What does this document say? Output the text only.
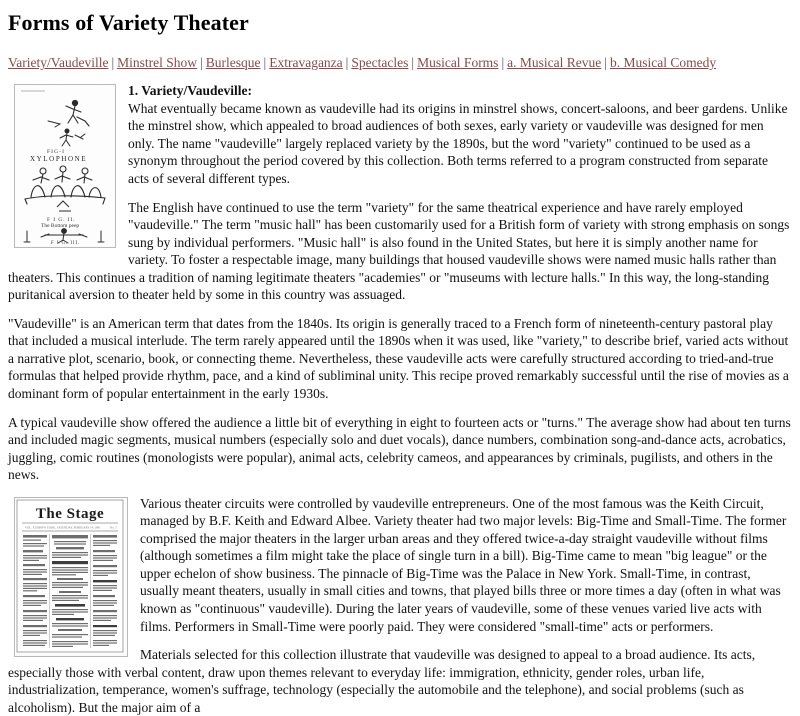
Forms of Variety Theater
Variety/Vaudeville | Minstrel Show | Burlesque | Extravaganza | Spectacles | Musical Forms | a. Musical Revue | b. Musical Comedy
FIG-I
XYLOPHONE
F I G. II.
The Bottom peep
F I G. III.

1. Variety/Vaudeville:
What eventually became known as vaudeville had its origins in minstrel shows, concert-saloons, and beer gardens. Unlike the minstrel show, which appealed to broad audiences of both sexes, early variety or vaudeville was designed for men only. The name "vaudeville" largely replaced variety by the 1890s, but the word "variety" continued to be used as a synonym throughout the period covered by this collection. Both terms referred to a program constructed from separate acts of several different types.

The English have continued to use the term "variety" for the same theatrical experience and have rarely employed "vaudeville." The term "music hall" has been customarily used for a British form of variety with strong emphasis on songs sung by individual performers. "Music hall" is also found in the United States, but here it is simply another name for variety. To foster a respectable image, many buildings that housed vaudeville shows were named music halls rather than theaters. This continues a tradition of naming legitimate theaters "academies" or "museums with lecture halls." In this way, the long-standing puritanical aversion to theater held by some in this country was assuaged.

"Vaudeville" is an American term that dates from the 1840s. Its origin is generally traced to a French form of nineteenth-century pastoral play that included a musical interlude. The term rarely appeared until the 1890s when it was used, like "variety," to describe brief, varied acts without a narrative plot, scenario, book, or connecting theme. Nevertheless, these vaudeville acts were carefully structured according to tried-and-true formulas that helped provide rhythm, pace, and a kind of subliminal unity. This recipe proved remarkably successful until the rise of movies as a dominant form of popular entertainment in the early 1930s.

A typical vaudeville show offered the audience a little bit of everything in eight to fourteen acts or "turns." The average show had about ten turns and included magic segments, musical numbers (especially solo and duet vocals), dance numbers, combination song-and-dance acts, acrobatics, juggling, comic routines (monologists were popular), animal acts, celebrity cameos, and appearances by criminals, pugilists, and others in the news.

The Stage
VOL. XXIII NEW YORK, SATURDAY, FEBRUARY 14, 1891	No. 7

Various theater circuits were controlled by vaudeville entrepreneurs. One of the most famous was the Keith Circuit, managed by B.F. Keith and Edward Albee. Variety theater had two major levels: Big-Time and Small-Time. The former comprised the major theaters in the larger urban areas and they offered twice-a-day straight vaudeville without films (although sometimes a film might take the place of single turn in a bill). Big-Time came to mean "big league" or the upper echelon of show business. The pinnacle of Big-Time was the Palace in New York. Small-Time, in contrast, usually meant theaters, usually in small cities and towns, that played bills three or more times a day (often in what was known as "continuous" vaudeville). During the later years of vaudeville, some of these venues varied live acts with films. Performers in Small-Time were poorly paid. They were considered "small-time" acts or performers.

Materials selected for this collection illustrate that vaudeville was designed to appeal to a broad audience. Its acts, especially those with verbal content, draw upon themes relevant to everyday life: immigration, ethnicity, gender roles, urban life, industrialization, temperance, women's suffrage, technology (especially the automobile and the telephone), and social problems (such as alcoholism). But the major aim of a
